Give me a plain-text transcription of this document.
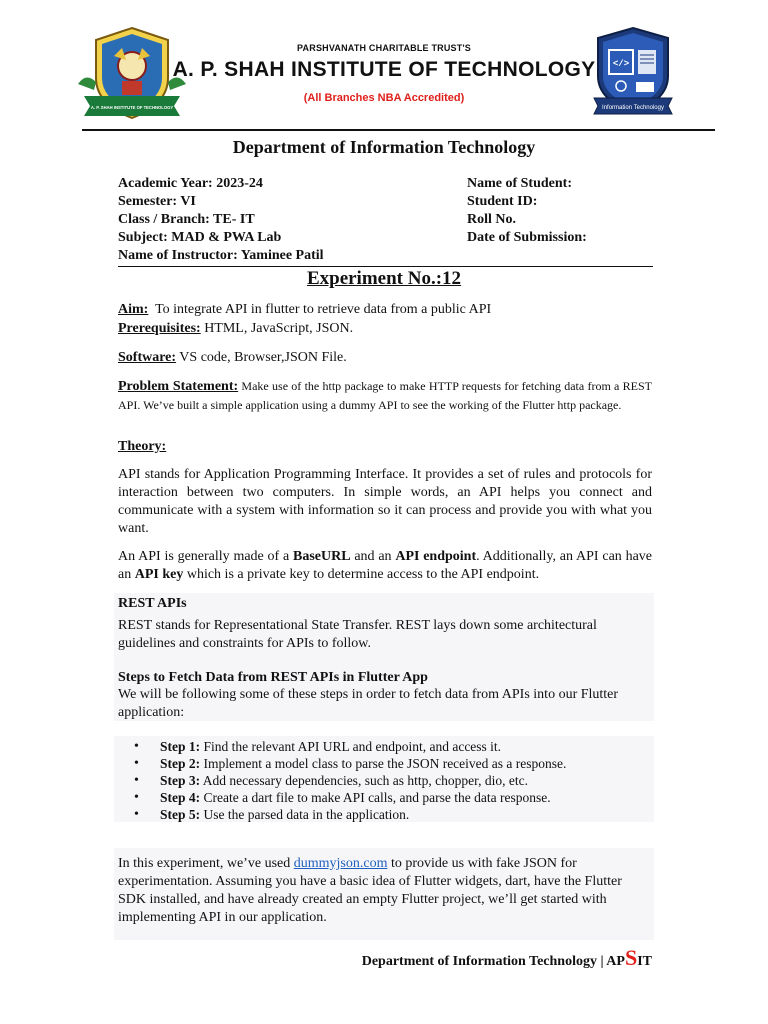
A. P. SHAH INSTITUTE OF TECHNOLOGY
</>
Information Technology
PARSHVANATH CHARITABLE TRUST'S
A. P. SHAH INSTITUTE OF TECHNOLOGY
(All Branches NBA Accredited)
Department of Information Technology
Academic Year: 2023-24
Semester: VI
Class / Branch: TE- IT
Subject: MAD & PWA Lab
Name of Instructor: Yaminee Patil
Name of Student:
Student ID:
Roll No.
Date of Submission:
Experiment No.:12
Aim:  To integrate API in flutter to retrieve data from a public API
Prerequisites: HTML, JavaScript, JSON.
Software: VS code, Browser,JSON File.
Problem Statement: Make use of the http package to make HTTP requests for fetching data from a REST API. We’ve built a simple application using a dummy API to see the working of the Flutter http package.
Theory:
API stands for Application Programming Interface. It provides a set of rules and protocols for interaction between two computers. In simple words, an API helps you connect and communicate with a system with information so it can process and provide you with what you want.
An API is generally made of a BaseURL and an API endpoint. Additionally, an API can have an API key which is a private key to determine access to the API endpoint.
REST APIs
REST stands for Representational State Transfer. REST lays down some architectural guidelines and constraints for APIs to follow.
Steps to Fetch Data from REST APIs in Flutter App
We will be following some of these steps in order to fetch data from APIs into our Flutter application:
• Step 1: Find the relevant API URL and endpoint, and access it.
• Step 2: Implement a model class to parse the JSON received as a response.
• Step 3: Add necessary dependencies, such as http, chopper, dio, etc.
• Step 4: Create a dart file to make API calls, and parse the data response.
• Step 5: Use the parsed data in the application.
In this experiment, we’ve used dummyjson.com to provide us with fake JSON for experimentation. Assuming you have a basic idea of Flutter widgets, dart, have the Flutter SDK installed, and have already created an empty Flutter project, we’ll get started with implementing API in our application.
Department of Information Technology | APSIT
